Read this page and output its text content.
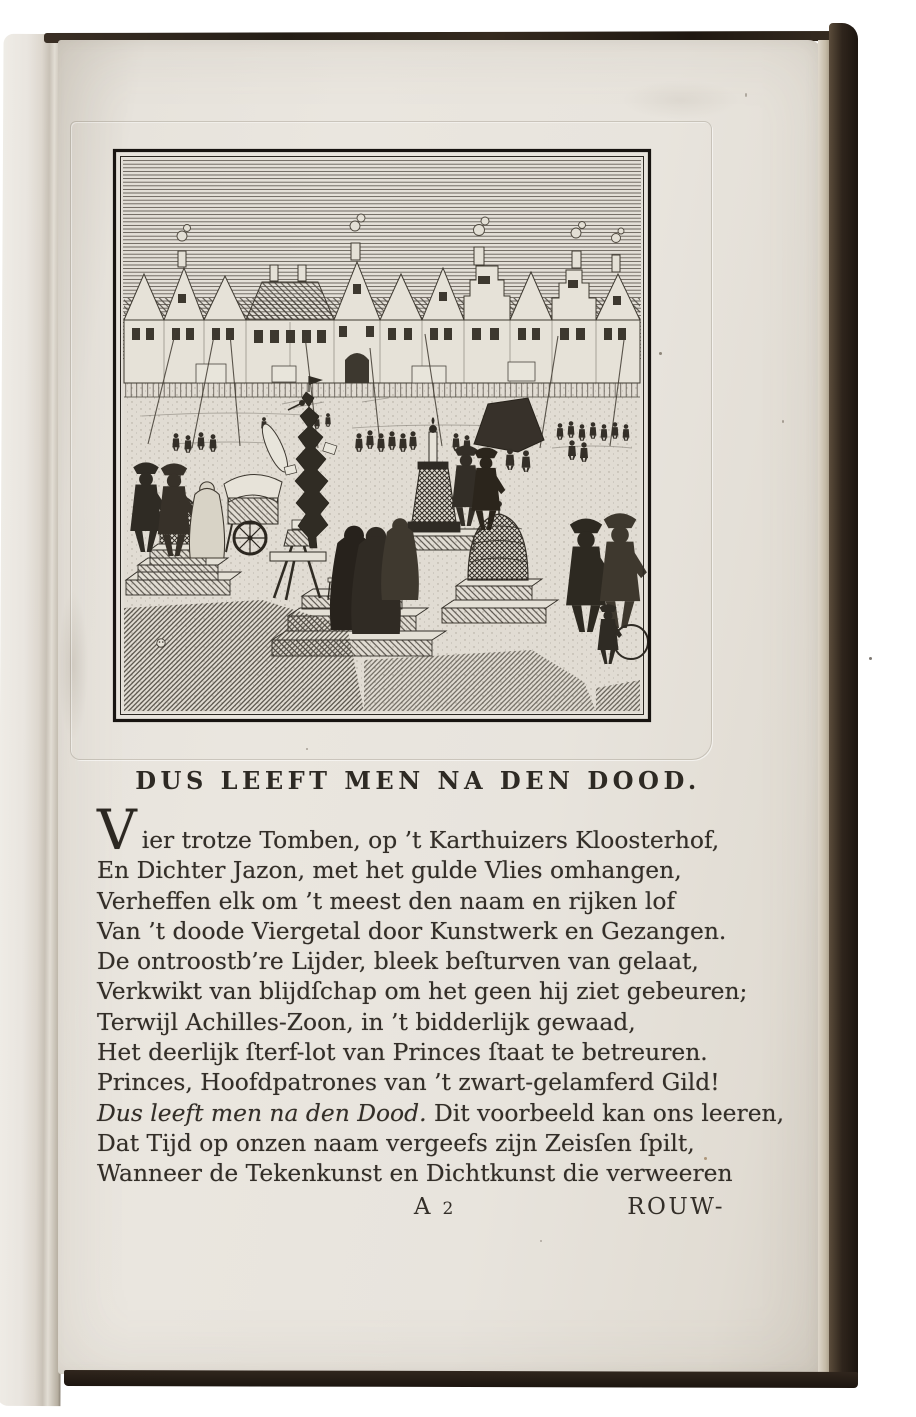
DUS LEEFT MEN NA DEN DOOD.
Vier trotze Tomben, op ’t Karthuizers Kloosterhof,
En Dichter Jazon, met het gulde Vlies omhangen,
Verheffen elk om ’t meest den naam en rijken lof
Van ’t doode Viergetal door Kunstwerk en Gezangen.
De ontroostb’re Lijder, bleek beſturven van gelaat,
Verkwikt van blijdſchap om het geen hij ziet gebeuren;
Terwijl Achilles-Zoon, in ’t bidderlijk gewaad,
Het deerlijk ſterf-lot van Princes ſtaat te betreuren.
Princes, Hoofdpatrones van ’t zwart-gelamferd Gild!
Dus leeft men na den Dood. Dit voorbeeld kan ons leeren,
Dat Tijd op onzen naam vergeefs zijn Zeisſen ſpilt,
Wanneer de Tekenkunst en Dichtkunst die verweeren
A 2	ROUW-
